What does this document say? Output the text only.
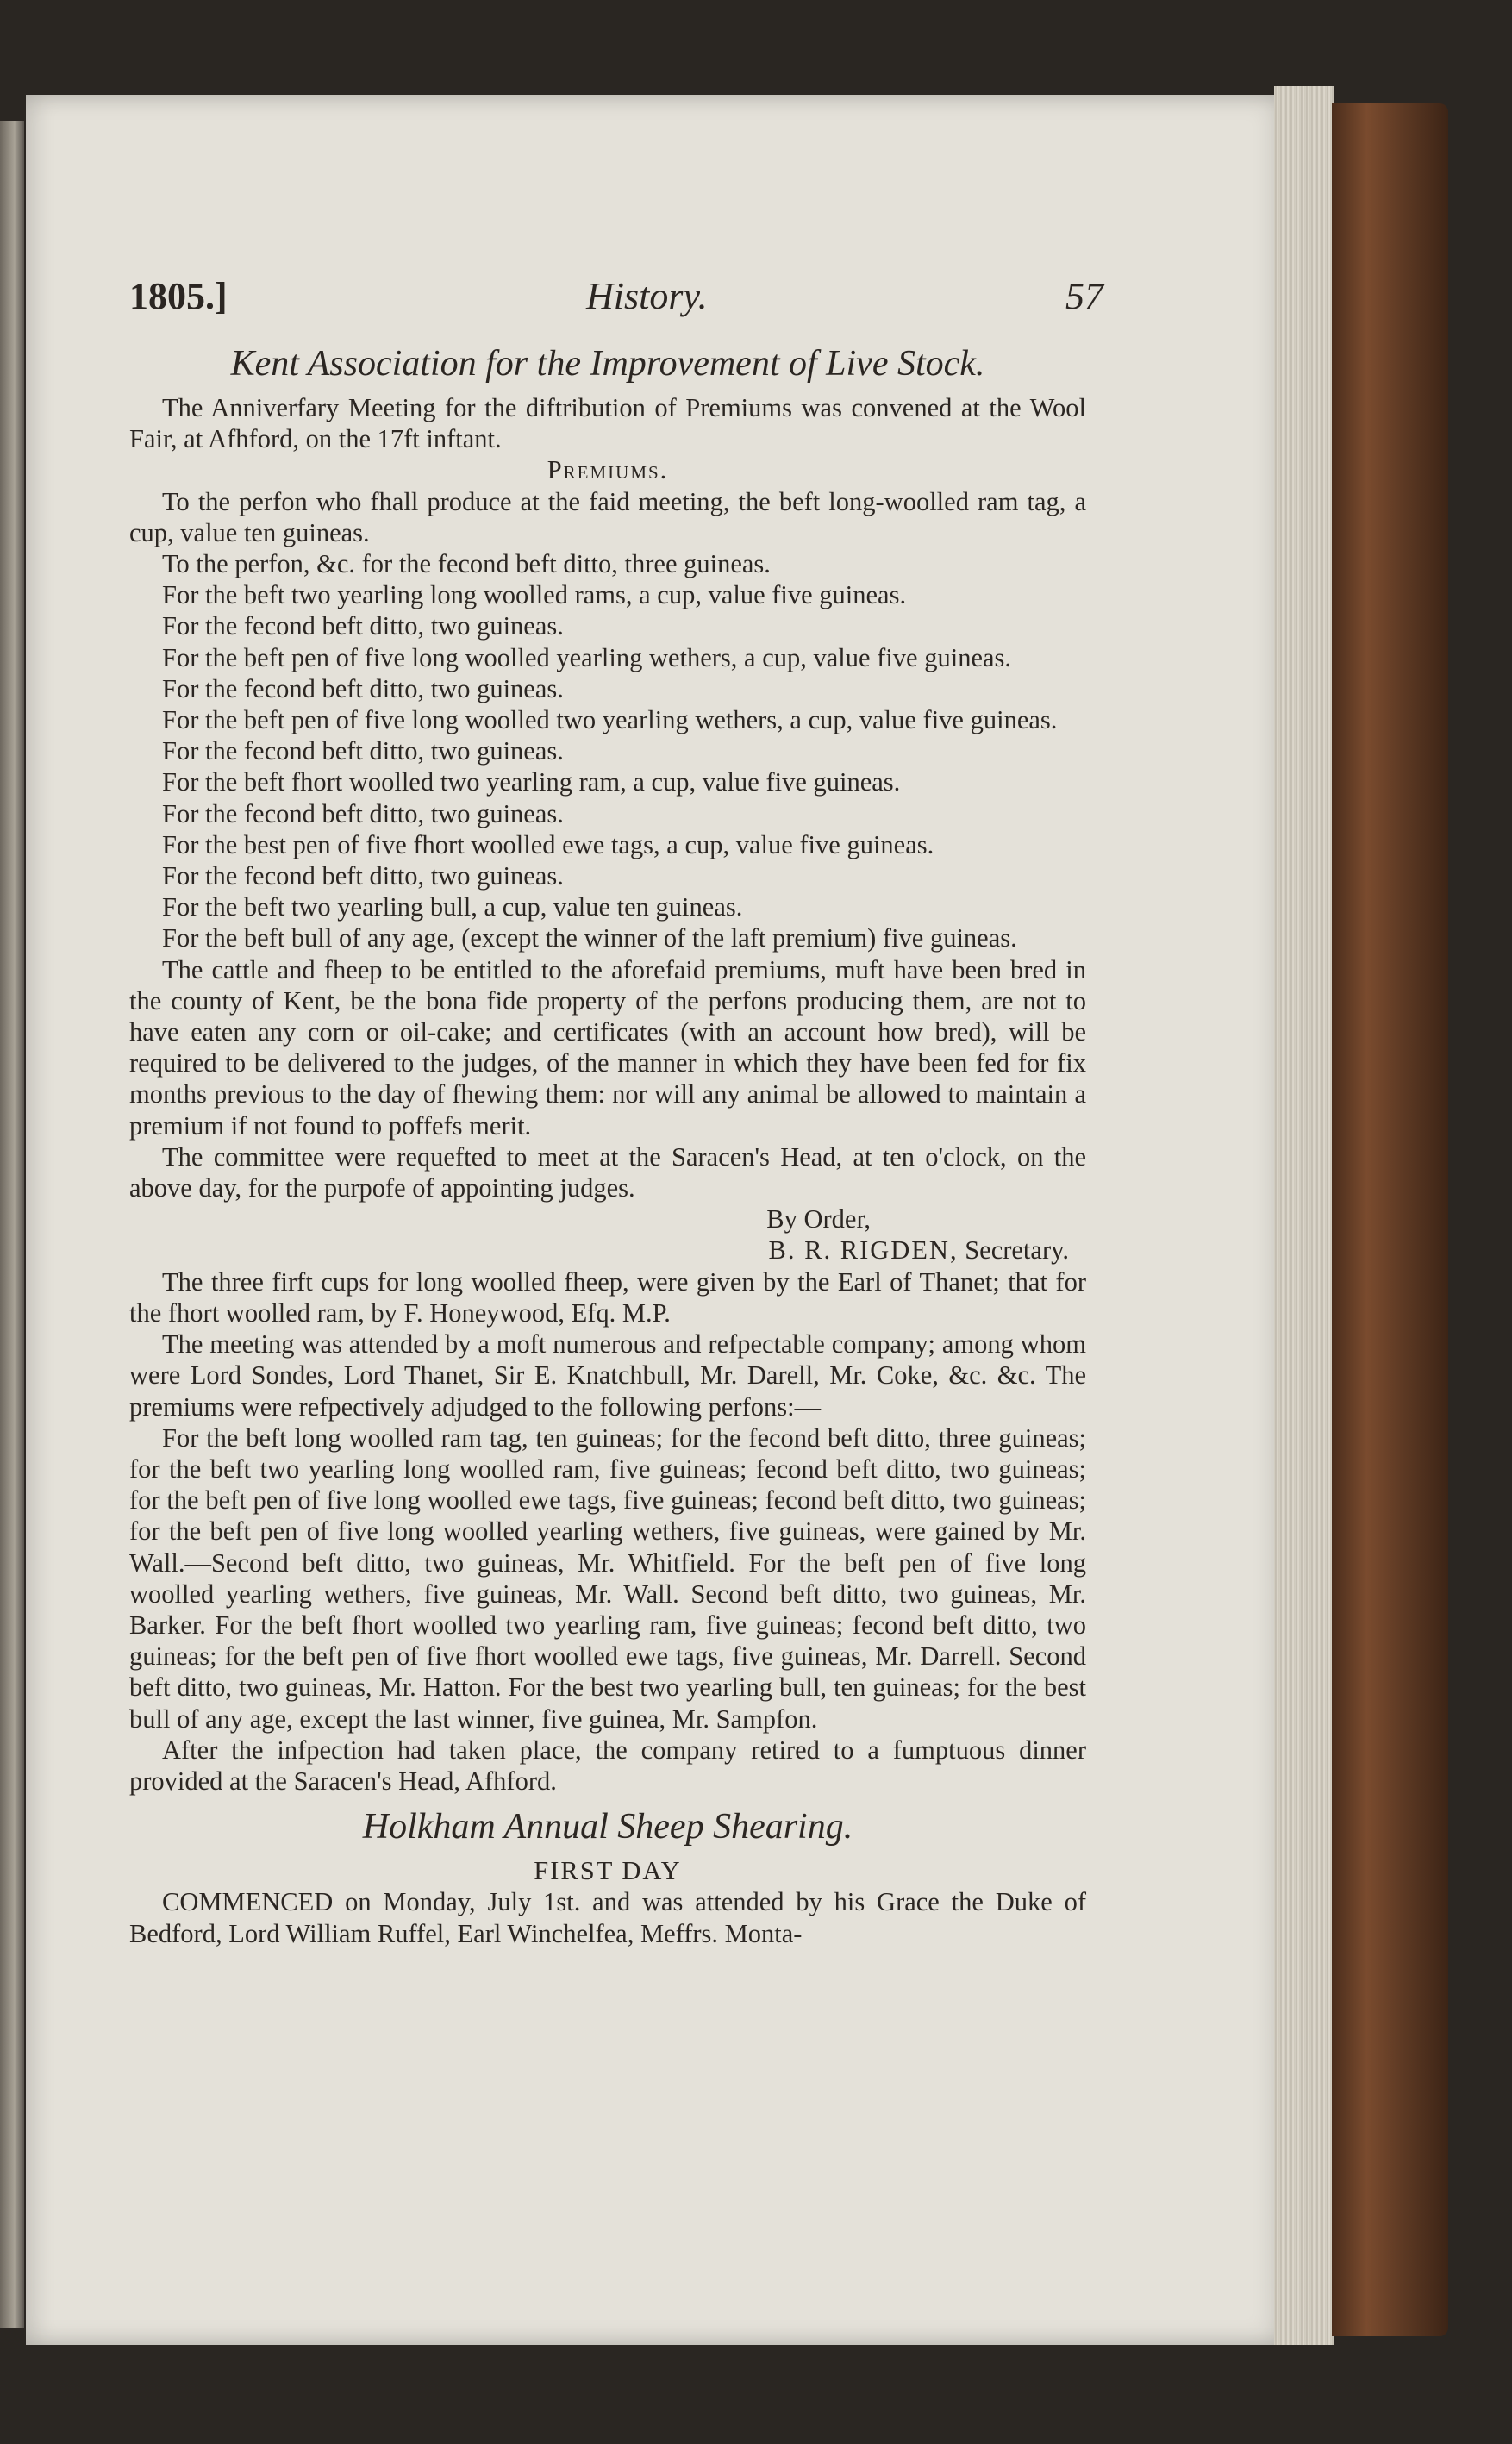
1805.]	History.	57
Kent Association for the Improvement of Live Stock.

The Anniverfary Meeting for the diftribution of Premiums was convened at the Wool Fair, at Afhford, on the 17ft inftant.

Premiums.

To the perfon who fhall produce at the faid meeting, the beft long-woolled ram tag, a cup, value ten guineas.

To the perfon, &c. for the fecond beft ditto, three guineas.

For the beft two yearling long woolled rams, a cup, value five guineas.

For the fecond beft ditto, two guineas.

For the beft pen of five long woolled yearling wethers, a cup, value five guineas.

For the fecond beft ditto, two guineas.

For the beft pen of five long woolled two yearling wethers, a cup, value five guineas.

For the fecond beft ditto, two guineas.

For the beft fhort woolled two yearling ram, a cup, value five guineas.

For the fecond beft ditto, two guineas.

For the best pen of five fhort woolled ewe tags, a cup, value five guineas.

For the fecond beft ditto, two guineas.

For the beft two yearling bull, a cup, value ten guineas.

For the beft bull of any age, (except the winner of the laft premium) five guineas.

The cattle and fheep to be entitled to the aforefaid premiums, muft have been bred in the county of Kent, be the bona fide property of the perfons producing them, are not to have eaten any corn or oil-cake; and certificates (with an account how bred), will be required to be delivered to the judges, of the manner in which they have been fed for fix months previous to the day of fhewing them: nor will any animal be allowed to maintain a premium if not found to poffefs merit.

The committee were requefted to meet at the Saracen's Head, at ten o'clock, on the above day, for the purpofe of appointing judges.

By Order,
B. R. RIGDEN, Secretary.

The three firft cups for long woolled fheep, were given by the Earl of Thanet; that for the fhort woolled ram, by F. Honeywood, Efq. M.P.

The meeting was attended by a moft numerous and refpectable company; among whom were Lord Sondes, Lord Thanet, Sir E. Knatchbull, Mr. Darell, Mr. Coke, &c. &c. The premiums were refpectively adjudged to the following perfons:—

For the beft long woolled ram tag, ten guineas; for the fecond beft ditto, three guineas; for the beft two yearling long woolled ram, five guineas; fecond beft ditto, two guineas; for the beft pen of five long woolled ewe tags, five guineas; fecond beft ditto, two guineas; for the beft pen of five long woolled yearling wethers, five guineas, were gained by Mr. Wall.—Second beft ditto, two guineas, Mr. Whitfield. For the beft pen of five long woolled yearling wethers, five guineas, Mr. Wall. Second beft ditto, two guineas, Mr. Barker. For the beft fhort woolled two yearling ram, five guineas; fecond beft ditto, two guineas; for the beft pen of five fhort woolled ewe tags, five guineas, Mr. Darrell. Second beft ditto, two guineas, Mr. Hatton. For the best two yearling bull, ten guineas; for the best bull of any age, except the last winner, five guinea, Mr. Sampfon.

After the infpection had taken place, the company retired to a fumptuous dinner provided at the Saracen's Head, Afhford.

Holkham Annual Sheep Shearing.
FIRST DAY

COMMENCED on Monday, July 1st. and was attended by his Grace the Duke of Bedford, Lord William Ruffel, Earl Winchelfea, Meffrs. Monta-
